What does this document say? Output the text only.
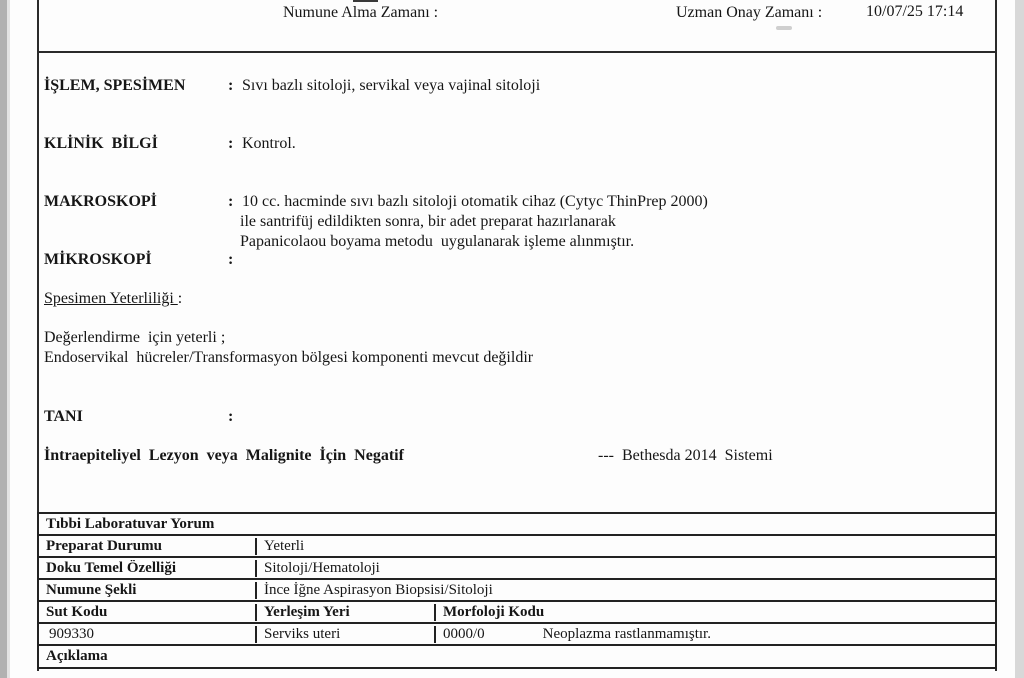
Numune Alma Zamanı :	Uzman Onay Zamanı :	10/07/25 17:14
İŞLEM, SPESİMEN	: Sıvı bazlı sitoloji, servikal veya vajinal sitoloji
KLİNİK  BİLGİ	: Kontrol.
MAKROSKOPİ	: 10 cc. hacminde sıvı bazlı sitoloji otomatik cihaz (Cytyc ThinPrep 2000)
ile santrifüj edildikten sonra, bir adet preparat hazırlanarak
Papanicolaou boyama metodu  uygulanarak işleme alınmıştır.
MİKROSKOPİ	:
Spesimen Yeterliliği :
Değerlendirme  için yeterli ;
Endoservikal  hücreler/Transformasyon bölgesi komponenti mevcut değildir
TANI	:
İntraepiteliyel Lezyon veya Malignite İçin Negatif	---  Bethesda 2014  Sistemi
Tıbbi Laboratuvar Yorum
Preparat Durumu	Yeterli
Doku Temel Özelliği	Sitoloji/Hematoloji
Numune Şekli	İnce İğne Aspirasyon Biopsisi/Sitoloji
Sut Kodu	Yerleşim Yeri	Morfoloji Kodu
909330	Serviks uteri	0000/0	Neoplazma rastlanmamıştır.
Açıklama
